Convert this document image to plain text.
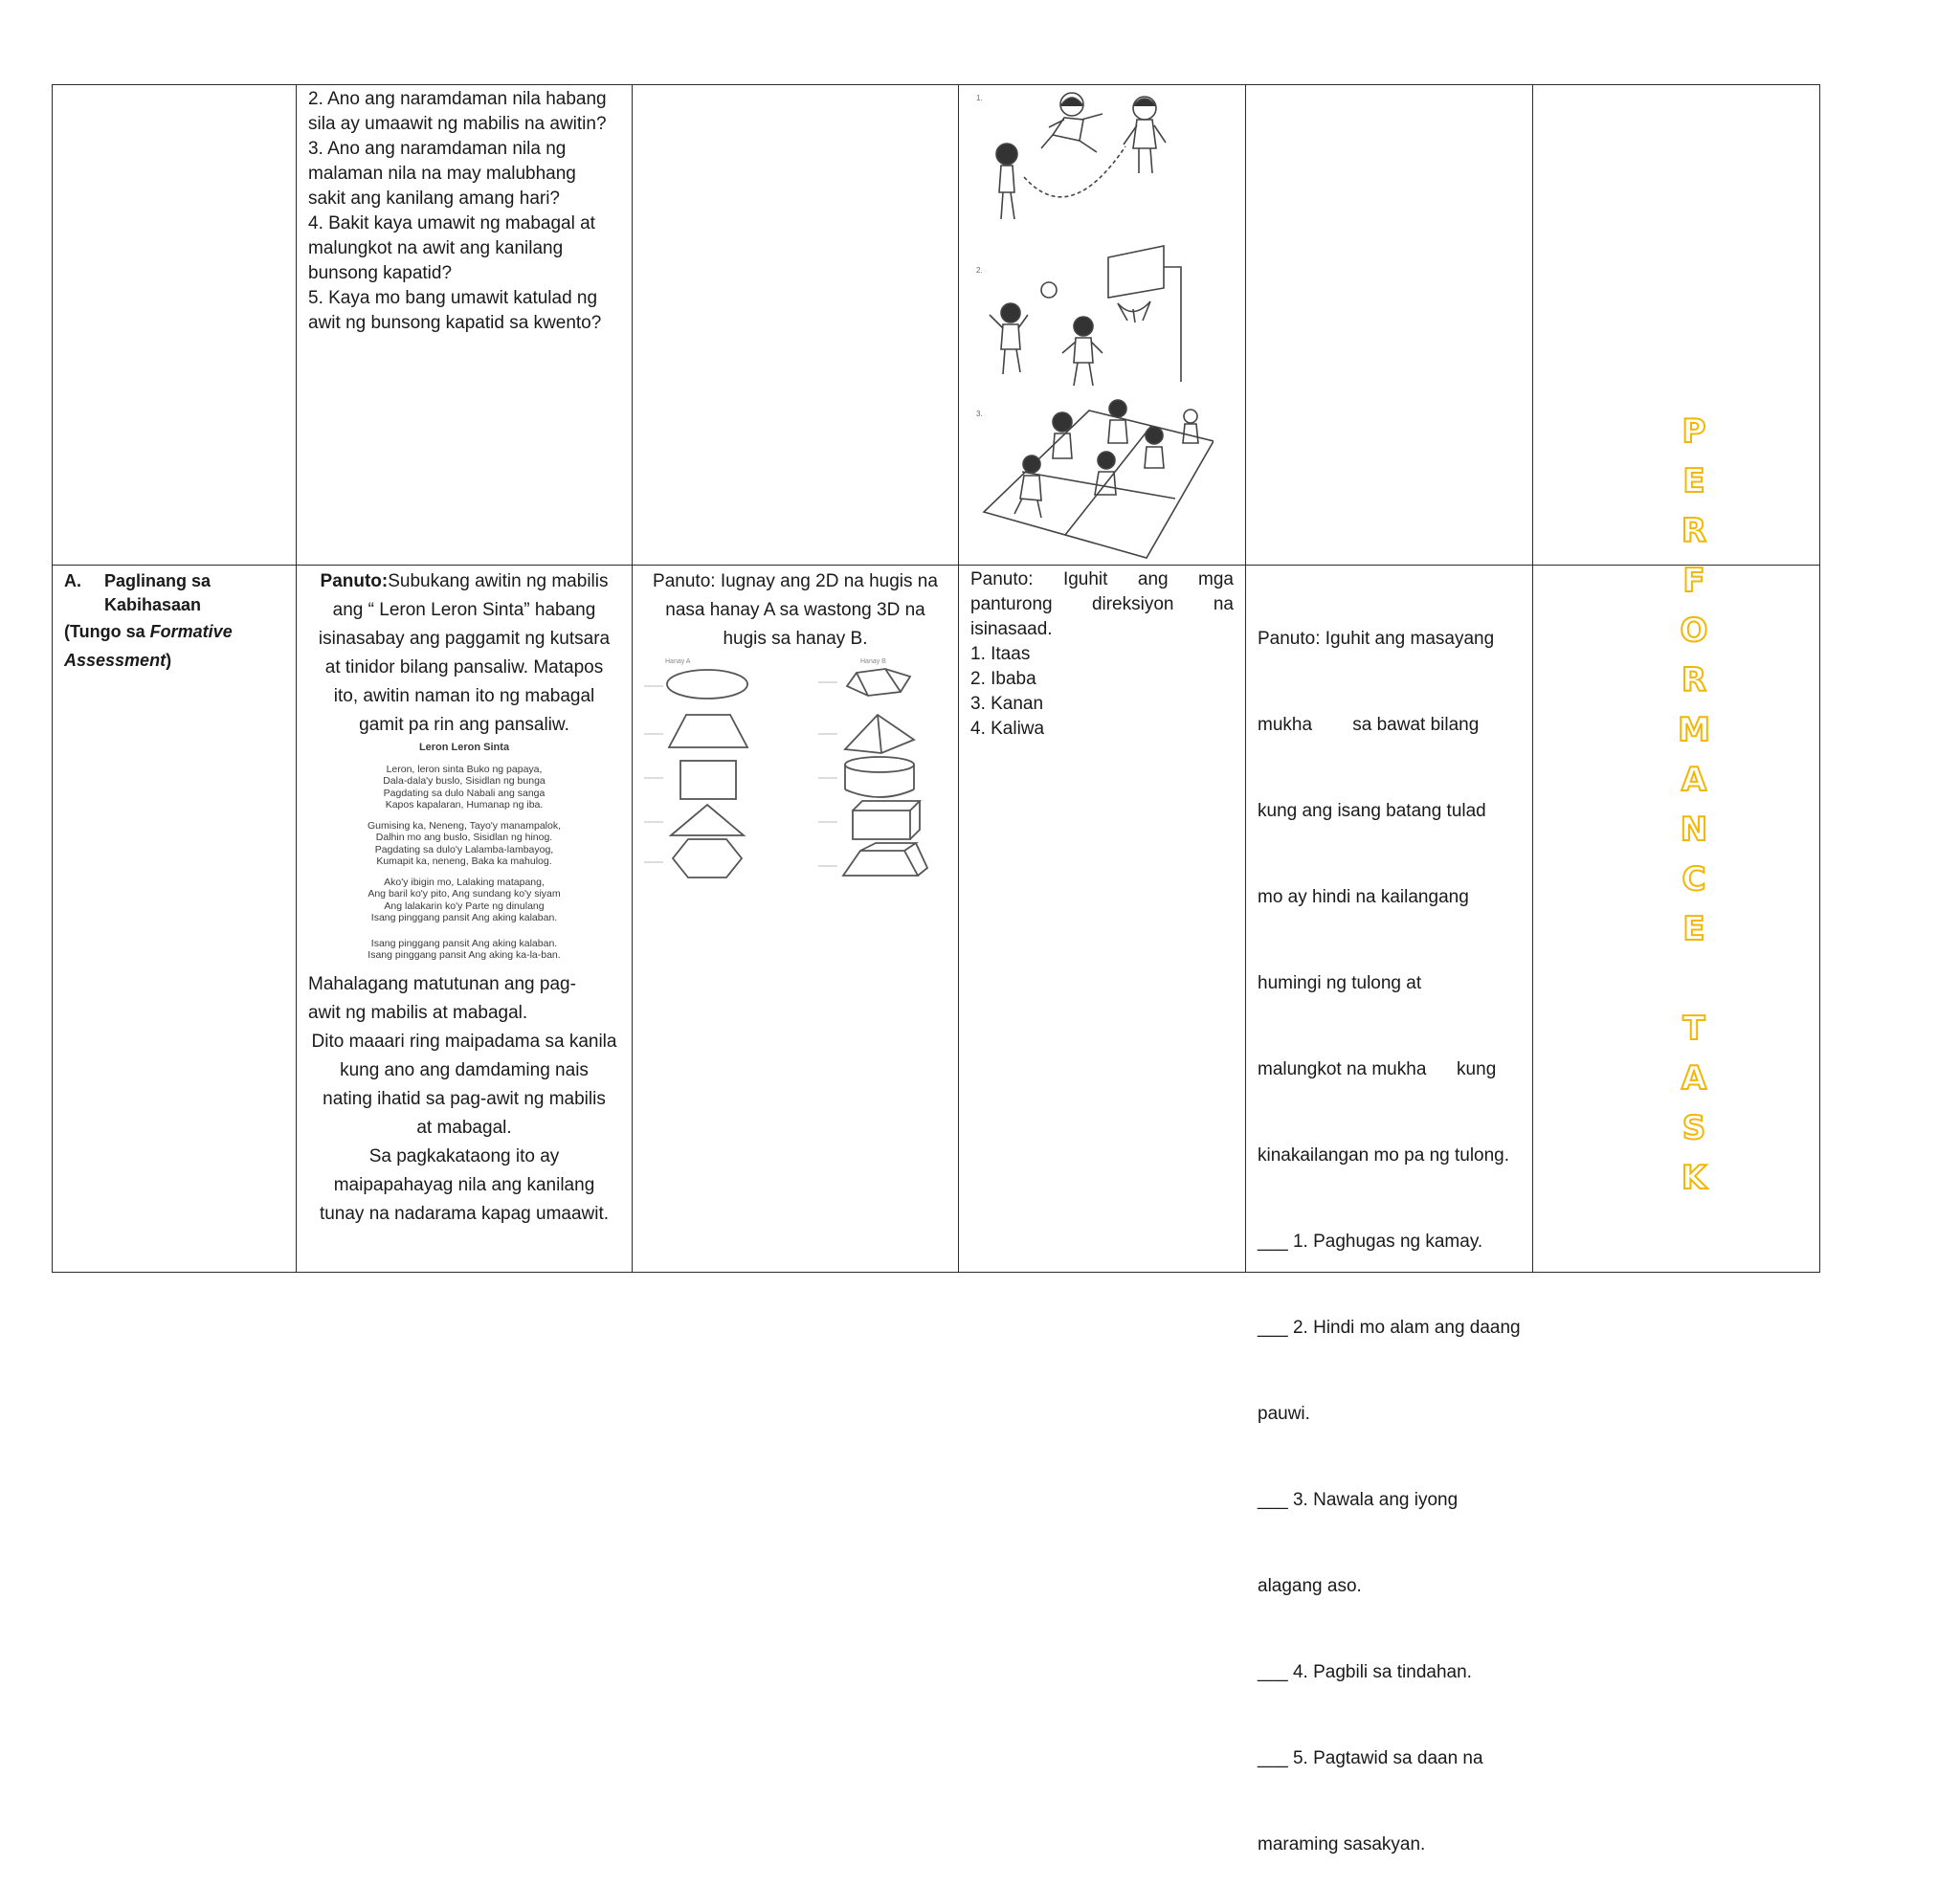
2. Ano ang naramdaman nila habang
sila ay umaawit ng mabilis na awitin?
3. Ano ang naramdaman nila ng
malaman nila na may malubhang
sakit ang kanilang amang hari?
4. Bakit kaya umawit ng mabagal at
malungkot na awit ang kanilang
bunsong kapatid?
5. Kaya mo bang umawit katulad ng
awit ng bunsong kapatid sa kwento?
1.
2.
3.
A.	Paglinang sa
Kabihasaan
(Tungo sa Formative
Assessment)
Panuto:Subukang awitin ng mabilis
ang “ Leron Leron Sinta” habang
isinasabay ang paggamit ng kutsara
at tinidor bilang pansaliw. Matapos
ito, awitin naman ito ng mabagal
gamit pa rin ang pansaliw.
Leron Leron Sinta
Leron, leron sinta Buko ng papaya,
Dala-dala'y buslo, Sisidlan ng bunga
Pagdating sa dulo Nabali ang sanga
Kapos kapalaran, Humanap ng iba.
Gumising ka, Neneng, Tayo'y manampalok,
Dalhin mo ang buslo, Sisidlan ng hinog.
Pagdating sa dulo'y Lalamba-lambayog,
Kumapit ka, neneng, Baka ka mahulog.
Ako'y ibigin mo, Lalaking matapang,
Ang baril ko'y pito, Ang sundang ko'y siyam
Ang lalakarin ko'y Parte ng dinulang
Isang pinggang pansit Ang aking kalaban.
Isang pinggang pansit Ang aking kalaban.
Isang pinggang pansit Ang aking ka-la-ban.
Mahalagang matutunan ang pag-
awit ng mabilis at mabagal.
Dito maaari ring maipadama sa kanila
kung ano ang damdaming nais
nating ihatid sa pag-awit ng mabilis
at mabagal.
Sa pagkakataong ito ay
maipapahayag nila ang kanilang
tunay na nadarama kapag umaawit.
Panuto: Iugnay ang 2D na hugis na
nasa hanay A sa wastong 3D na
hugis sa hanay B.
Hanay A	Hanay B
Panuto: Iguhit ang mga
panturong direksiyon na
isinasaad.
1. Itaas
2. Ibaba
3. Kanan
4. Kaliwa

Panuto: Iguhit ang masayang

mukha        sa bawat bilang

kung ang isang batang tulad

mo ay hindi na kailangang

humingi ng tulong at

malungkot na mukha      kung

kinakailangan mo pa ng tulong.

___ 1. Paghugas ng kamay.

___ 2. Hindi mo alam ang daang

pauwi.

___ 3. Nawala ang iyong

alagang aso.

___ 4. Pagbili sa tindahan.

___ 5. Pagtawid sa daan na

maraming sasakyan.

P
E
R
F
O
R
M
A
N
C
E
T
A
S
K
